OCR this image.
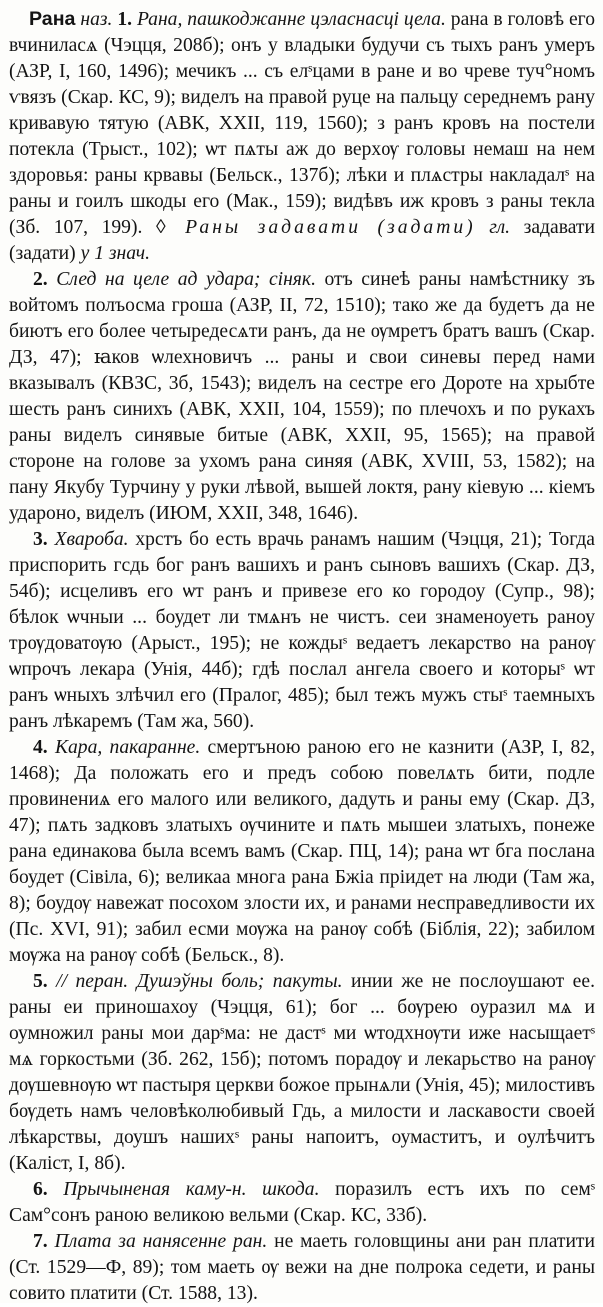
Рана наз. 1. Рана, пашкоджанне цэласнасці цела. рана в головѣ его вчиниласѧ (Чэцця, 208б); онъ у владыки будучи съ тыхъ ранъ умеръ (АЗР, I, 160, 1496); мечикъ ... съ елˢцами в ране и во чреве туч°номъ ѵвязъ (Скар. КС, 9); виделъ на правой руце на пальцу середнемъ рану кривавую тятую (АВК, XXII, 119, 1560); з ранъ кровъ на постели потекла (Трыст., 102); ѡт пѧты аж до верхѹ головы немаш на нем здоровья: раны крвавы (Бельск., 137б); лѣки и плѧстры накладалˢ на раны и гоилъ шкоды его (Мак., 159); видѣвъ иж кровъ з раны текла (Зб. 107, 199). ◊ Раны задавати (задати) гл. задавати (задати) у 1 знач.

2. След на целе ад удара; сіняк. отъ синеѣ раны намѣстнику зъ войтомъ полъосма гроша (АЗР, II, 72, 1510); тако же да будетъ да не биютъ его более четыредесѧти ранъ, да не ѹмретъ братъ вашъ (Скар. ДЗ, 47); ꙗков ѡлехновичъ ... раны и свои синевы перед нами вказывалъ (КВЗС, 3б, 1543); виделъ на сестре его Дороте на хрыбте шесть ранъ синихъ (АВК, XXII, 104, 1559); по плечохъ и по рукахъ раны виделъ синявые битые (АВК, XXII, 95, 1565); на правой стороне на голове за ухомъ рана синяя (АВК, XVIII, 53, 1582); на пану Якубу Турчину у руки лѣвой, вышей локтя, рану кіевую ... кіемъ удароно, виделъ (ИЮМ, XXII, 348, 1646).

3. Хвароба. хрстъ бо есть врачь ранамъ нашим (Чэцця, 21); Тогда приспорить гсдь бог ранъ вашихъ и ранъ сыновъ вашихъ (Скар. ДЗ, 54б); исцеливъ его ѡт ранъ и привезе его ко городоу (Супр., 98); бѣлок ѡчныи ... боудет ли тмѧнъ не чистъ. сеи знаменоуеть раноу трѹдоватѹю (Арыст., 195); не кождыˢ ведаетъ лекарство на ранѹ ѡпрочъ лекара (Унія, 44б); гдѣ послал ангела своего и которыˢ ѡт ранъ ѡныхъ злѣчил его (Пралог, 485); был тежъ мужъ стыˢ таемныхъ ранъ лѣкаремъ (Там жа, 560).

4. Кара, пакаранне. смертъною раною его не казнити (АЗР, I, 82, 1468); Да положать его и предъ собою повелѧть бити, подле провинениѧ его малого или великого, дадуть и раны ему (Скар. ДЗ, 47); пѧть задковъ златыхъ ѹчините и пѧть мышеи златыхъ, понеже рана единакова была всемъ вамъ (Скар. ПЦ, 14); рана ѡт бга послана боудет (Сівіла, 6); великаа многа рана Бжіа пріидет на люди (Там жа, 8); боудѹ навежат посохом злости их, и ранами несправедливости их (Пс. XVI, 91); забил есми мѹжа на ранѹ собѣ (Біблія, 22); забилом мѹжа на ранѹ собѣ (Бельск., 8).

5. // перан. Душэўны боль; пакуты. инии же не послоушают ее. раны еи приношахоу (Чэцця, 61); бог ... бѹрею оуразил мѧ и оумножил раны мои дарˢма: не дастˢ ми ѡтодхнѹти иже насыщаетˢ мѧ горкостьми (Зб. 262, 15б); потомъ порадѹ и лекарьство на ранѹ дѹшевнѹю ѡт пастыря церкви божое прынѧли (Унія, 45); милостивъ бѹдеть намъ человѣколюбивый Гдь, а милости и ласкавости своей лѣкарствы, доушъ нашихˢ раны напоитъ, оумаститъ, и оулѣчитъ (Каліст, I, 8б).

6. Прычыненая каму-н. шкода. поразилъ естъ ихъ по семˢ Сам°сонъ раною великою вельми (Скар. КС, 33б).

7. Плата за нанясенне ран. не маеть головщины ани ран платити (Ст. 1529—Ф, 89); том маеть ѹ вежи на дне полрока седети, и раны совито платити (Ст. 1588, 13).
